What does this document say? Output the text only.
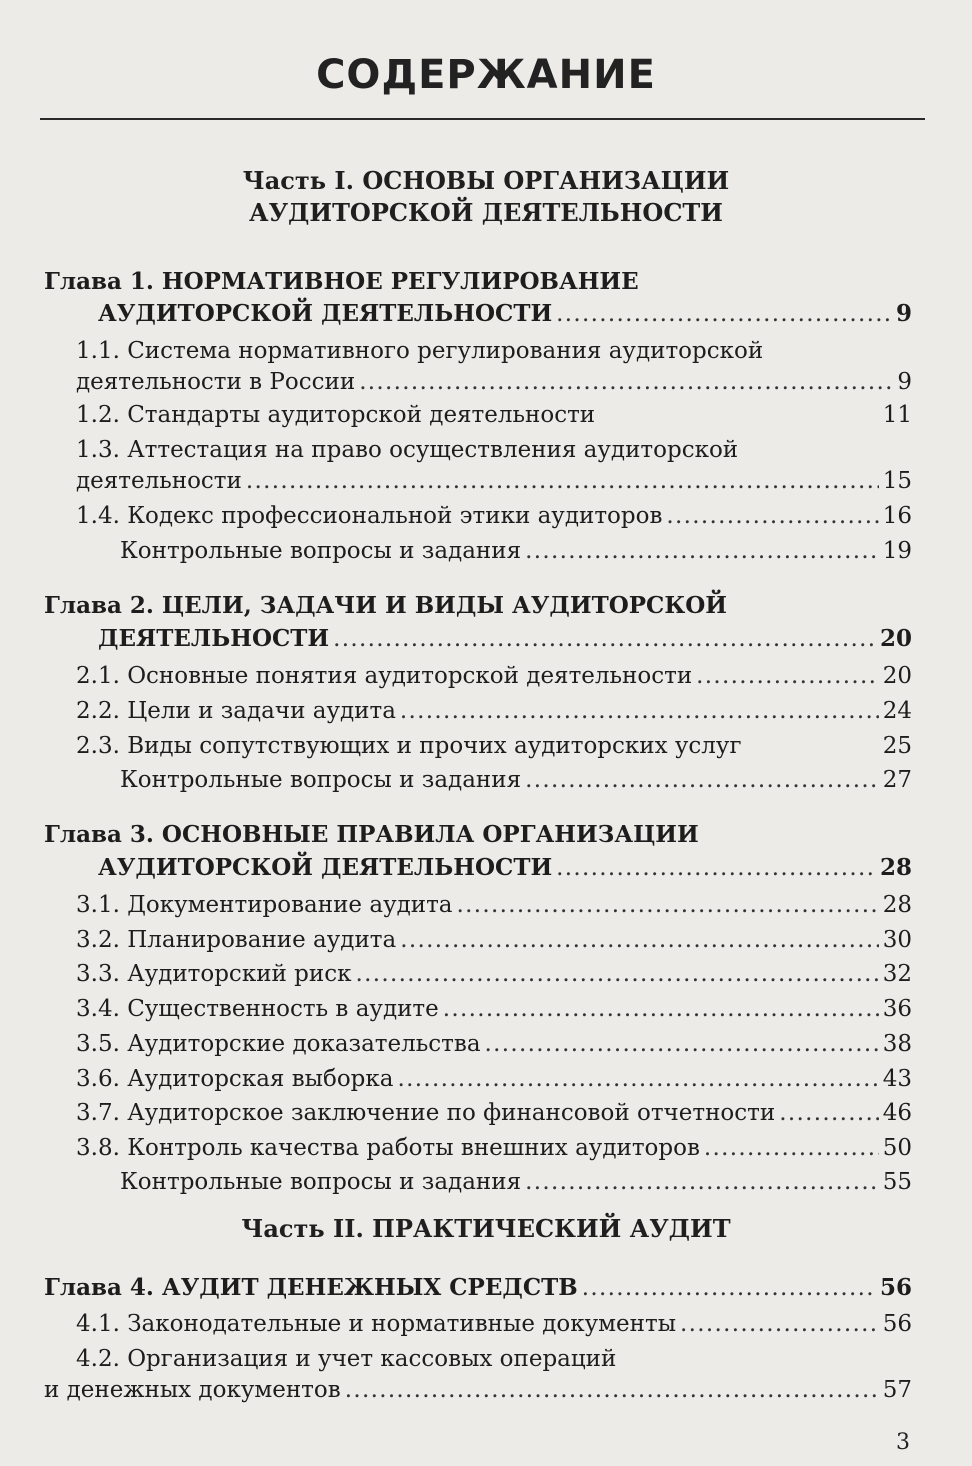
СОДЕРЖАНИЕ
Часть I. ОСНОВЫ ОРГАНИЗАЦИИ
АУДИТОРСКОЙ ДЕЯТЕЛЬНОСТИ
Глава 1. НОРМАТИВНОЕ РЕГУЛИРОВАНИЕ
АУДИТОРСКОЙ ДЕЯТЕЛЬНОСТИ . . .	9
1.1. Система нормативного регулирования аудиторской
деятельности в России . . .	9
1.2. Стандарты аудиторской деятельности	11
1.3. Аттестация на право осуществления аудиторской
деятельности . . .	15
1.4. Кодекс профессиональной этики аудиторов . . .	16
Контрольные вопросы и задания . . .	19
Глава 2. ЦЕЛИ, ЗАДАЧИ И ВИДЫ АУДИТОРСКОЙ
ДЕЯТЕЛЬНОСТИ . . .	20
2.1. Основные понятия аудиторской деятельности . . .	20
2.2. Цели и задачи аудита . . .	24
2.3. Виды сопутствующих и прочих аудиторских услуг	25
Контрольные вопросы и задания . . .	27
Глава 3. ОСНОВНЫЕ ПРАВИЛА ОРГАНИЗАЦИИ
АУДИТОРСКОЙ ДЕЯТЕЛЬНОСТИ . . .	28
3.1. Документирование аудита . . .	28
3.2. Планирование аудита . . .	30
3.3. Аудиторский риск . . .	32
3.4. Существенность в аудите . . .	36
3.5. Аудиторские доказательства . . .	38
3.6. Аудиторская выборка . . .	43
3.7. Аудиторское заключение по финансовой отчетности . . .	46
3.8. Контроль качества работы внешних аудиторов . . .	50
Контрольные вопросы и задания . . .	55
Часть II. ПРАКТИЧЕСКИЙ АУДИТ
Глава 4. АУДИТ ДЕНЕЖНЫХ СРЕДСТВ . . .	56
4.1. Законодательные и нормативные документы . . .	56
4.2. Организация и учет кассовых операций
и денежных документов . . .	57
3
